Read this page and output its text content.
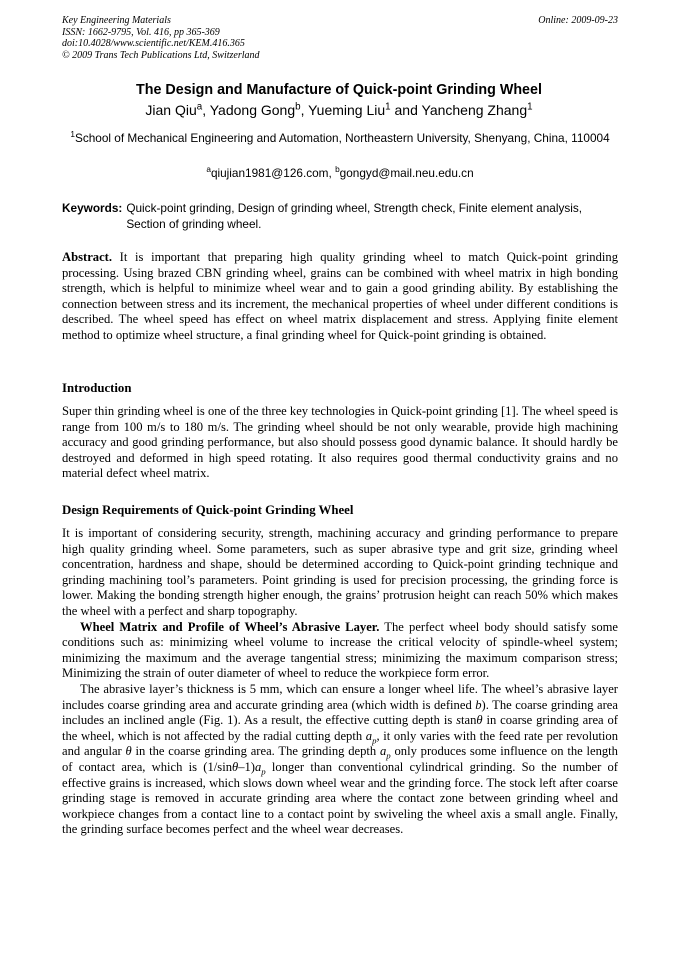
Key Engineering Materials
ISSN: 1662-9795, Vol. 416, pp 365-369
doi:10.4028/www.scientific.net/KEM.416.365
© 2009 Trans Tech Publications Ltd, Switzerland
Online: 2009-09-23
The Design and Manufacture of Quick-point Grinding Wheel
Jian Qiu$^a$, Yadong Gong$^b$, Yueming Liu$^1$ and Yancheng Zhang$^1$
$^1$School of Mechanical Engineering and Automation, Northeastern University, Shenyang, China, 110004
$^a$qiujian1981@126.com, $^b$gongyd@mail.neu.edu.cn
Keywords: Quick-point grinding, Design of grinding wheel, Strength check, Finite element analysis, Section of grinding wheel.
Abstract. It is important that preparing high quality grinding wheel to match Quick-point grinding processing. Using brazed CBN grinding wheel, grains can be combined with wheel matrix in high bonding strength, which is helpful to minimize wheel wear and to gain a good grinding ability. By establishing the connection between stress and its increment, the mechanical properties of wheel under different conditions is described. The wheel speed has effect on wheel matrix displacement and stress. Applying finite element method to optimize wheel structure, a final grinding wheel for Quick-point grinding is obtained.
Introduction
Super thin grinding wheel is one of the three key technologies in Quick-point grinding [1]. The wheel speed is range from 100 m/s to 180 m/s. The grinding wheel should be not only wearable, provide high machining accuracy and good grinding performance, but also should possess good dynamic balance. It should hardly be destroyed and deformed in high speed rotating. It also requires good thermal conductivity grains and no material defect wheel matrix.
Design Requirements of Quick-point Grinding Wheel

It is important of considering security, strength, machining accuracy and grinding performance to prepare high quality grinding wheel. Some parameters, such as super abrasive type and grit size, grinding wheel concentration, hardness and shape, should be determined according to Quick-point grinding technique and grinding machining tool’s parameters. Point grinding is used for precision processing, the grinding force is lower. Making the bonding strength higher enough, the grains’ protrusion height can reach 50% which makes the wheel with a perfect and sharp topography.

Wheel Matrix and Profile of Wheel’s Abrasive Layer. The perfect wheel body should satisfy some conditions such as: minimizing wheel volume to increase the critical velocity of spindle-wheel system; minimizing the maximum and the average tangential stress; minimizing the maximum comparison stress; Minimizing the strain of outer diameter of wheel to reduce the workpiece form error.

The abrasive layer’s thickness is 5 mm, which can ensure a longer wheel life. The wheel’s abrasive layer includes coarse grinding area and accurate grinding area (which width is defined b). The coarse grinding area includes an inclined angle (Fig. 1). As a result, the effective cutting depth is stanθ in coarse grinding area of the wheel, which is not affected by the radial cutting depth $a_p$, it only varies with the feed rate per revolution and angular θ in the coarse grinding area. The grinding depth $a_p$ only produces some influence on the length of contact area, which is $(1/\sin\theta-1)a_p$ longer than conventional cylindrical grinding. So the number of effective grains is increased, which slows down wheel wear and the grinding force. The stock left after coarse grinding stage is removed in accurate grinding area where the contact zone between grinding wheel and workpiece changes from a contact line to a contact point by swiveling the wheel axis a small angle. Finally, the grinding surface becomes perfect and the wheel wear decreases.
